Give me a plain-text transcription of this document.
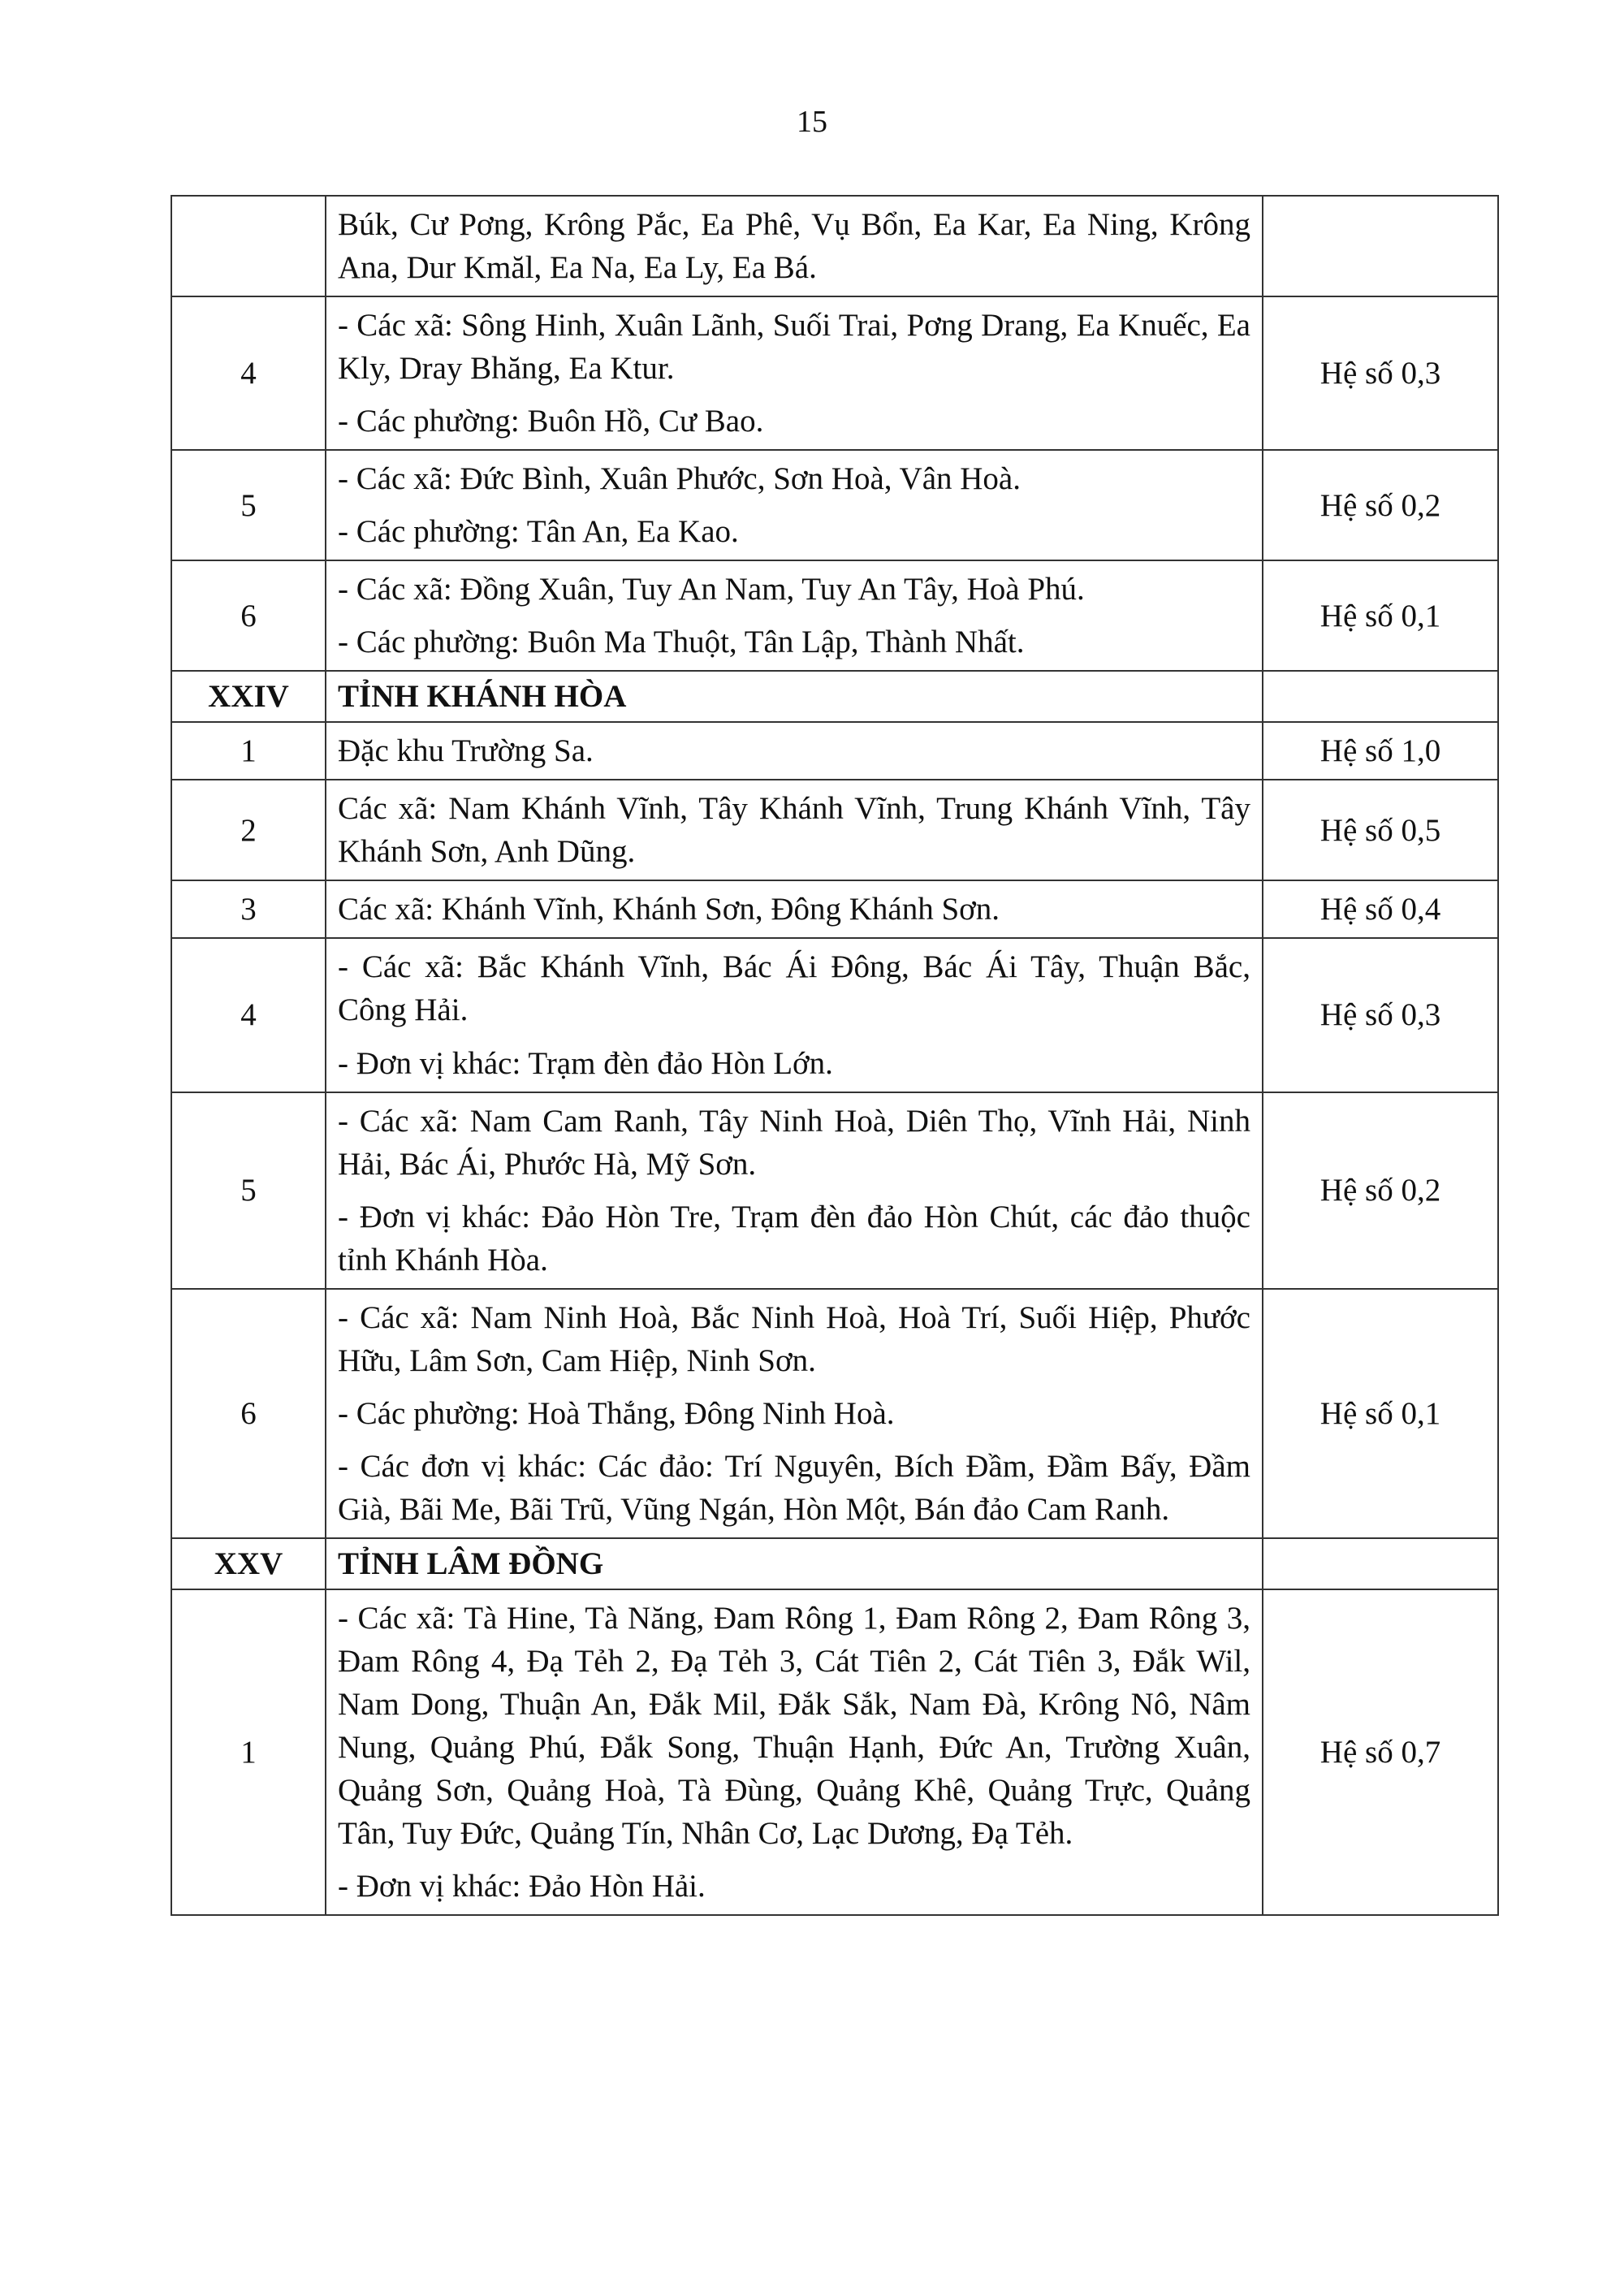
15

	Búk, Cư Pơng, Krông Pắc, Ea Phê, Vụ Bổn, Ea Kar, Ea Ning, Krông Ana, Dur Kmăl, Ea Na, Ea Ly, Ea Bá.	

4	- Các xã: Sông Hinh, Xuân Lãnh, Suối Trai, Pơng Drang, Ea Knuếc, Ea Kly, Dray Bhăng, Ea Ktur.

- Các phường: Buôn Hồ, Cư Bao.	Hệ số 0,3
5	- Các xã: Đức Bình, Xuân Phước, Sơn Hoà, Vân Hoà.

- Các phường: Tân An, Ea Kao.	Hệ số 0,2
6	- Các xã: Đồng Xuân, Tuy An Nam, Tuy An Tây, Hoà Phú.

- Các phường: Buôn Ma Thuột, Tân Lập, Thành Nhất.	Hệ số 0,1
XXIV	TỈNH KHÁNH HÒA	

1	Đặc khu Trường Sa.	Hệ số 1,0
2	Các xã: Nam Khánh Vĩnh, Tây Khánh Vĩnh, Trung Khánh Vĩnh, Tây Khánh Sơn, Anh Dũng.	Hệ số 0,5
3	Các xã: Khánh Vĩnh, Khánh Sơn, Đông Khánh Sơn.	Hệ số 0,4
4	- Các xã: Bắc Khánh Vĩnh, Bác Ái Đông, Bác Ái Tây, Thuận Bắc, Công Hải.

- Đơn vị khác: Trạm đèn đảo Hòn Lớn.	Hệ số 0,3
5	- Các xã: Nam Cam Ranh, Tây Ninh Hoà, Diên Thọ, Vĩnh Hải, Ninh Hải, Bác Ái, Phước Hà, Mỹ Sơn.

- Đơn vị khác: Đảo Hòn Tre, Trạm đèn đảo Hòn Chút, các đảo thuộc tỉnh Khánh Hòa.	Hệ số 0,2
6	- Các xã: Nam Ninh Hoà, Bắc Ninh Hoà, Hoà Trí, Suối Hiệp, Phước Hữu, Lâm Sơn, Cam Hiệp, Ninh Sơn.

- Các phường: Hoà Thắng, Đông Ninh Hoà.

- Các đơn vị khác: Các đảo: Trí Nguyên, Bích Đầm, Đầm Bấy, Đầm Già, Bãi Me, Bãi Trũ, Vũng Ngán, Hòn Một, Bán đảo Cam Ranh.	Hệ số 0,1
XXV	TỈNH LÂM ĐỒNG	

1	- Các xã: Tà Hine, Tà Năng, Đam Rông 1, Đam Rông 2, Đam Rông 3, Đam Rông 4, Đạ Tẻh 2, Đạ Tẻh 3, Cát Tiên 2, Cát Tiên 3, Đắk Wil, Nam Dong, Thuận An, Đắk Mil, Đắk Sắk, Nam Đà, Krông Nô, Nâm Nung, Quảng Phú, Đắk Song, Thuận Hạnh, Đức An, Trường Xuân, Quảng Sơn, Quảng Hoà, Tà Đùng, Quảng Khê, Quảng Trực, Quảng Tân, Tuy Đức, Quảng Tín, Nhân Cơ, Lạc Dương, Đạ Tẻh.

- Đơn vị khác: Đảo Hòn Hải.	Hệ số 0,7
